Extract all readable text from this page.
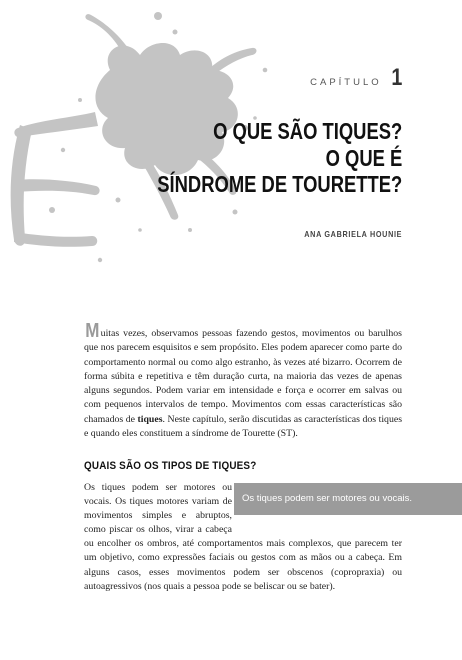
CAPÍTULO 1
O QUE SÃO TIQUES?
O QUE É
SÍNDROME DE TOURETTE?
ANA GABRIELA HOUNIE

Muitas vezes, observamos pessoas fazendo gestos, movimentos ou barulhos que nos parecem esquisitos e sem propósito. Eles podem aparecer como parte do comportamento normal ou como algo estranho, às vezes até bizarro. Ocorrem de forma súbita e repetitiva e têm duração curta, na maioria das vezes de apenas alguns segundos. Podem variar em intensidade e força e ocorrer em salvas ou com pequenos intervalos de tempo. Movimentos com essas características são chamados de tiques. Neste capítulo, serão discutidas as características dos tiques e quando eles constituem a síndrome de Tourette (ST).

QUAIS SÃO OS TIPOS DE TIQUES?

Os tiques podem ser motores ou vocais. Os tiques motores variam de movimentos simples e abruptos, como piscar os olhos, virar a cabeça ou encolher os ombros, até comportamentos mais complexos, que parecem ter um objetivo, como expressões faciais ou gestos com as mãos ou a cabeça. Em alguns casos, esses movimentos podem ser obscenos (copropraxia) ou autoagressivos (nos quais a pessoa pode se beliscar ou se bater).

Os tiques podem ser motores ou vocais.
